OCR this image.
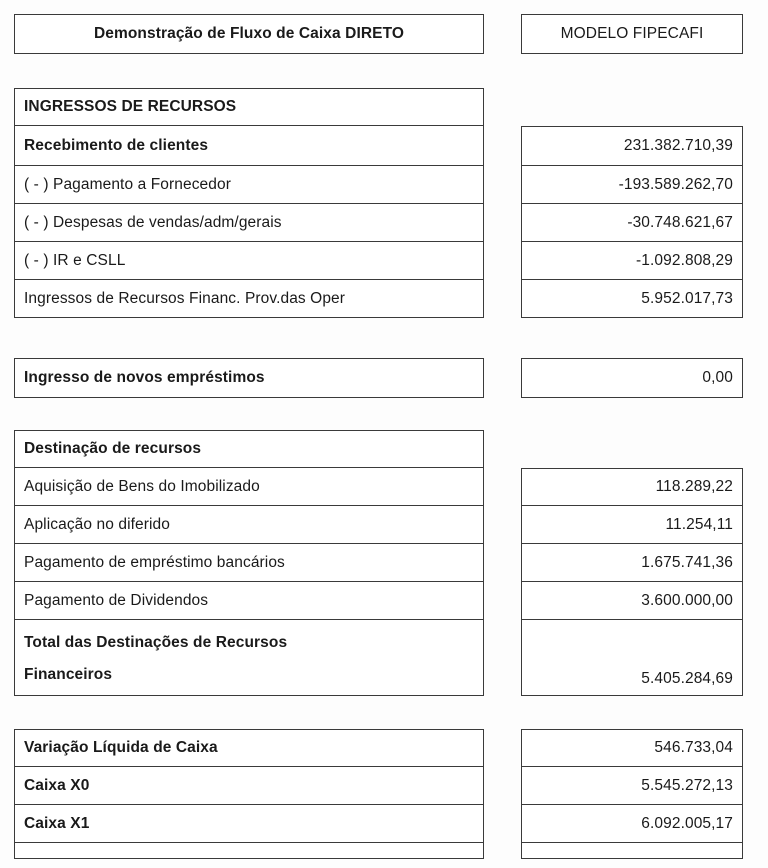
Demonstração de Fluxo de Caixa DIRETO	MODELO FIPECAFI
INGRESSOS DE RECURSOS
Recebimento de clientes
( - ) Pagamento a Fornecedor
( - ) Despesas de vendas/adm/gerais
( - ) IR e CSLL
Ingressos de Recursos Financ. Prov.das Oper
231.382.710,39
-193.589.262,70
-30.748.621,67
-1.092.808,29
5.952.017,73
Ingresso de novos empréstimos	0,00
Destinação de recursos
Aquisição de Bens do Imobilizado
Aplicação no diferido
Pagamento de empréstimo bancários
Pagamento de Dividendos
Total das Destinações de Recursos
Financeiros
118.289,22
11.254,11
1.675.741,36
3.600.000,00
5.405.284,69
Variação Líquida de Caixa
Caixa X0
Caixa X1
546.733,04
5.545.272,13
6.092.005,17
